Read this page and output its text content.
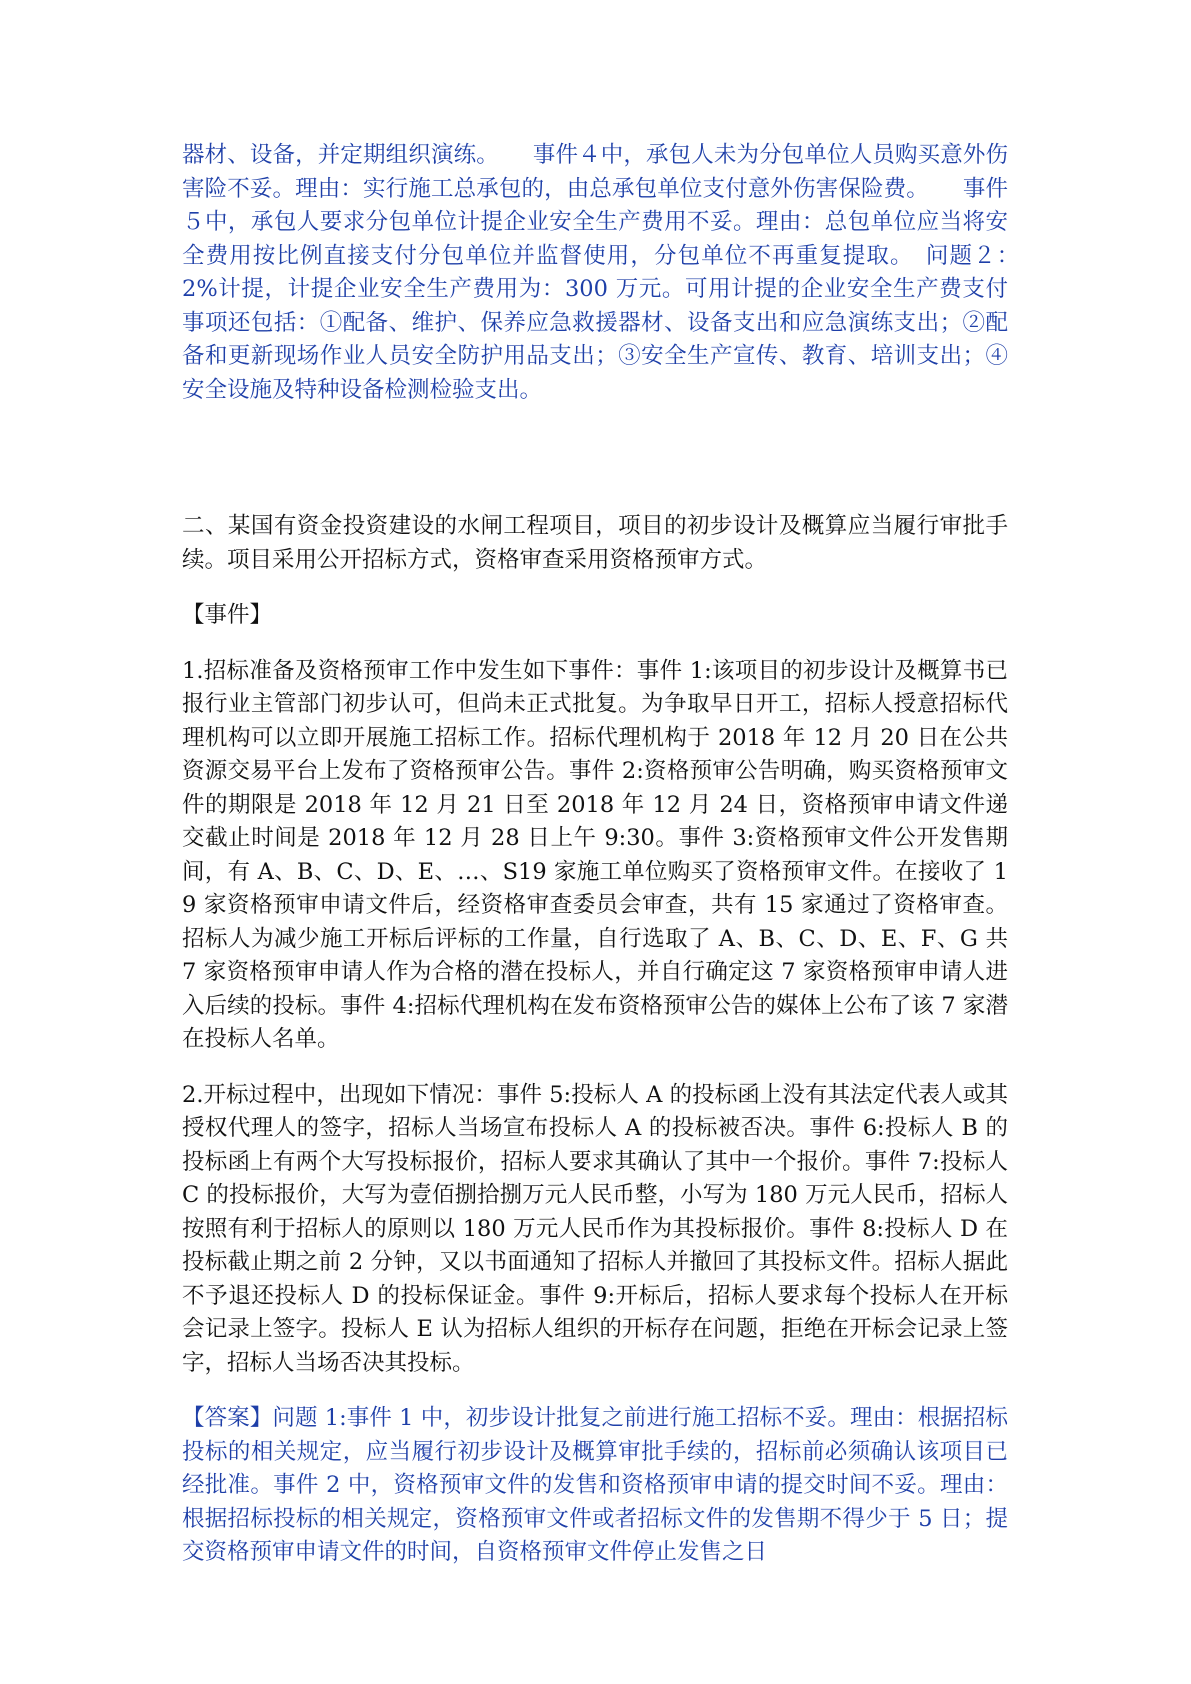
器材、设备，并定期组织演练。　　事件４中，承包人未为分包单位人员购买意外伤害险不妥。理由：实行施工总承包的，由总承包单位支付意外伤害保险费。　　事件５中，承包人要求分包单位计提企业安全生产费用不妥。理由：总包单位应当将安全费用按比例直接支付分包单位并监督使用，分包单位不再重复提取。　问题２：　　2%计提，计提企业安全生产费用为：300 万元。可用计提的企业安全生产费支付事项还包括：①配备、维护、保养应急救援器材、设备支出和应急演练支出；②配备和更新现场作业人员安全防护用品支出；③安全生产宣传、教育、培训支出；④安全设施及特种设备检测检验支出。

二、某国有资金投资建设的水闸工程项目，项目的初步设计及概算应当履行审批手续。项目采用公开招标方式，资格审查采用资格预审方式。

【事件】

1.招标准备及资格预审工作中发生如下事件：事件 1:该项目的初步设计及概算书已报行业主管部门初步认可，但尚未正式批复。为争取早日开工，招标人授意招标代理机构可以立即开展施工招标工作。招标代理机构于 2018 年 12 月 20 日在公共资源交易平台上发布了资格预审公告。事件 2:资格预审公告明确，购买资格预审文件的期限是 2018 年 12 月 21 日至 2018 年 12 月 24 日，资格预审申请文件递交截止时间是 2018 年 12 月 28 日上午 9:30。事件 3:资格预审文件公开发售期间，有 A、B、C、D、E、…、S19 家施工单位购买了资格预审文件。在接收了 19 家资格预审申请文件后，经资格审查委员会审查，共有 15 家通过了资格审查。招标人为减少施工开标后评标的工作量，自行选取了 A、B、C、D、E、F、G 共 7 家资格预审申请人作为合格的潜在投标人，并自行确定这 7 家资格预审申请人进入后续的投标。事件 4:招标代理机构在发布资格预审公告的媒体上公布了该 7 家潜在投标人名单。

2.开标过程中，出现如下情况：事件 5:投标人 A 的投标函上没有其法定代表人或其授权代理人的签字，招标人当场宣布投标人 A 的投标被否决。事件 6:投标人 B 的投标函上有两个大写投标报价，招标人要求其确认了其中一个报价。事件 7:投标人 C 的投标报价，大写为壹佰捌拾捌万元人民币整，小写为 180 万元人民币，招标人按照有利于招标人的原则以 180 万元人民币作为其投标报价。事件 8:投标人 D 在投标截止期之前 2 分钟，又以书面通知了招标人并撤回了其投标文件。招标人据此不予退还投标人 D 的投标保证金。事件 9:开标后，招标人要求每个投标人在开标会记录上签字。投标人 E 认为招标人组织的开标存在问题，拒绝在开标会记录上签字，招标人当场否决其投标。

【答案】问题 1:事件 1 中，初步设计批复之前进行施工招标不妥。理由：根据招标投标的相关规定，应当履行初步设计及概算审批手续的，招标前必须确认该项目已经批准。事件 2 中，资格预审文件的发售和资格预审申请的提交时间不妥。理由：根据招标投标的相关规定，资格预审文件或者招标文件的发售期不得少于 5 日；提交资格预审申请文件的时间，自资格预审文件停止发售之日
